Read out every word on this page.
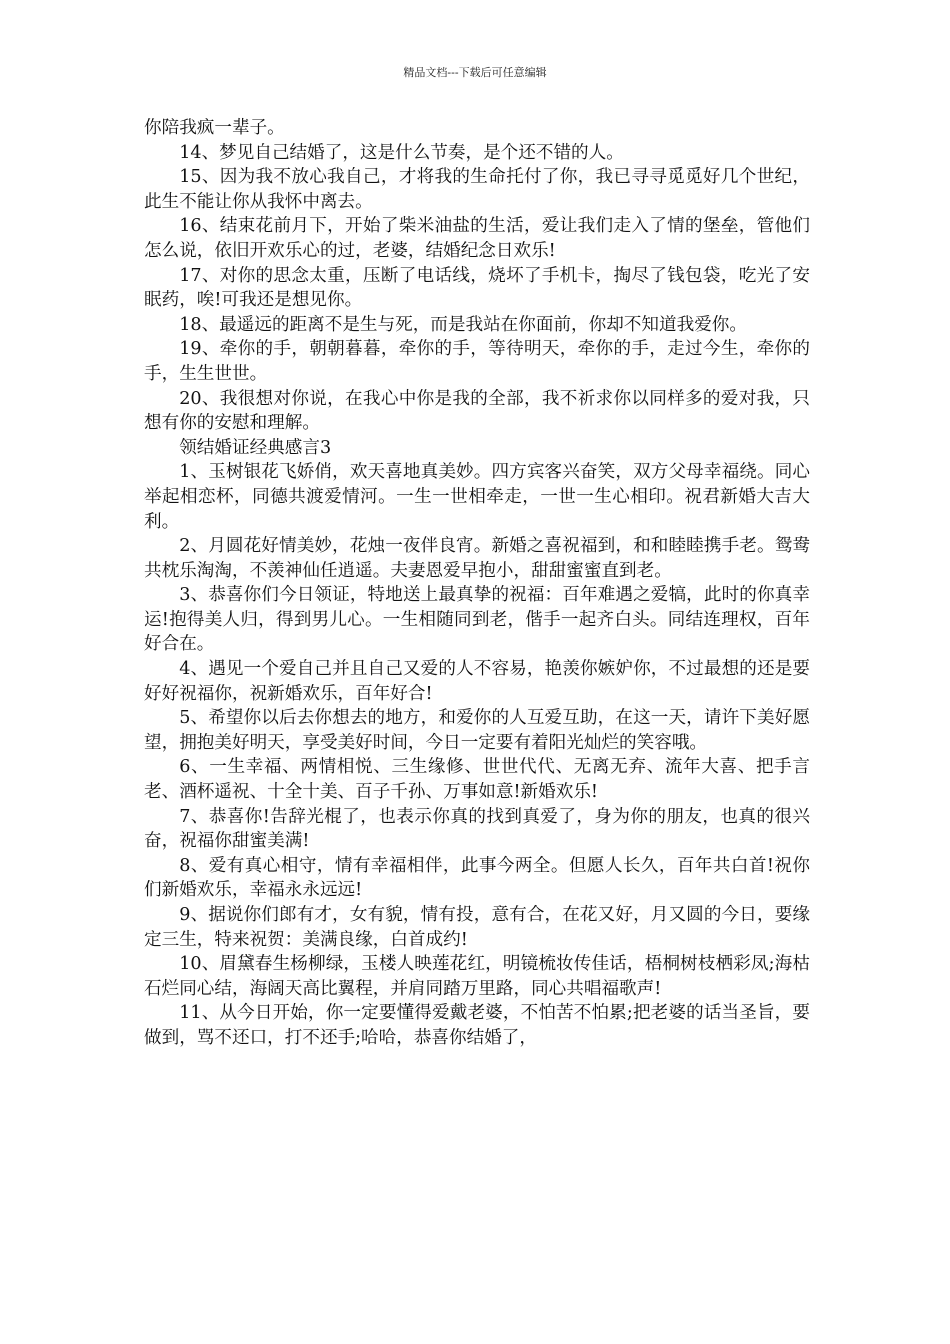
精品文档---下载后可任意编辑

你陪我疯一辈子。

14、梦见自己结婚了，这是什么节奏，是个还不错的人。

15、因为我不放心我自己，才将我的生命托付了你，我已寻寻觅觅好几个世纪，此生不能让你从我怀中离去。

16、结束花前月下，开始了柴米油盐的生活，爱让我们走入了情的堡垒，管他们怎么说，依旧开欢乐心的过，老婆，结婚纪念日欢乐!

17、对你的思念太重，压断了电话线，烧坏了手机卡，掏尽了钱包袋，吃光了安眠药，唉!可我还是想见你。

18、最遥远的距离不是生与死，而是我站在你面前，你却不知道我爱你。

19、牵你的手，朝朝暮暮，牵你的手，等待明天，牵你的手，走过今生，牵你的手，生生世世。

20、我很想对你说，在我心中你是我的全部，我不祈求你以同样多的爱对我，只想有你的安慰和理解。

领结婚证经典感言3

1、玉树银花飞娇俏，欢天喜地真美妙。四方宾客兴奋笑，双方父母幸福绕。同心举起相恋杯，同德共渡爱情河。一生一世相牵走，一世一生心相印。祝君新婚大吉大利。

2、月圆花好情美妙，花烛一夜伴良宵。新婚之喜祝福到，和和睦睦携手老。鸳鸯共枕乐淘淘，不羡神仙任逍遥。夫妻恩爱早抱小，甜甜蜜蜜直到老。

3、恭喜你们今日领证，特地送上最真挚的祝福：百年难遇之爱犒，此时的你真幸运!抱得美人归，得到男儿心。一生相随同到老，偕手一起齐白头。同结连理权，百年好合在。

4、遇见一个爱自己并且自己又爱的人不容易，艳羡你嫉妒你，不过最想的还是要好好祝福你，祝新婚欢乐，百年好合!

5、希望你以后去你想去的地方，和爱你的人互爱互助，在这一天，请许下美好愿望，拥抱美好明天，享受美好时间，今日一定要有着阳光灿烂的笑容哦。

6、一生幸福、两情相悦、三生缘修、世世代代、无离无弃、流年大喜、把手言老、酒杯遥祝、十全十美、百子千孙、万事如意!新婚欢乐!

7、恭喜你!告辞光棍了，也表示你真的找到真爱了，身为你的朋友，也真的很兴奋，祝福你甜蜜美满!

8、爱有真心相守，情有幸福相伴，此事今两全。但愿人长久，百年共白首!祝你们新婚欢乐，幸福永永远远!

9、据说你们郎有才，女有貌，情有投，意有合，在花又好，月又圆的今日，要缘定三生，特来祝贺：美满良缘，白首成约!

10、眉黛春生杨柳绿，玉楼人映莲花红，明镜梳妆传佳话，梧桐树枝栖彩凤;海枯石烂同心结，海阔天高比翼程，并肩同踏万里路，同心共唱福歌声!

11、从今日开始，你一定要懂得爱戴老婆，不怕苦不怕累;把老婆的话当圣旨，要做到，骂不还口，打不还手;哈哈，恭喜你结婚了，
